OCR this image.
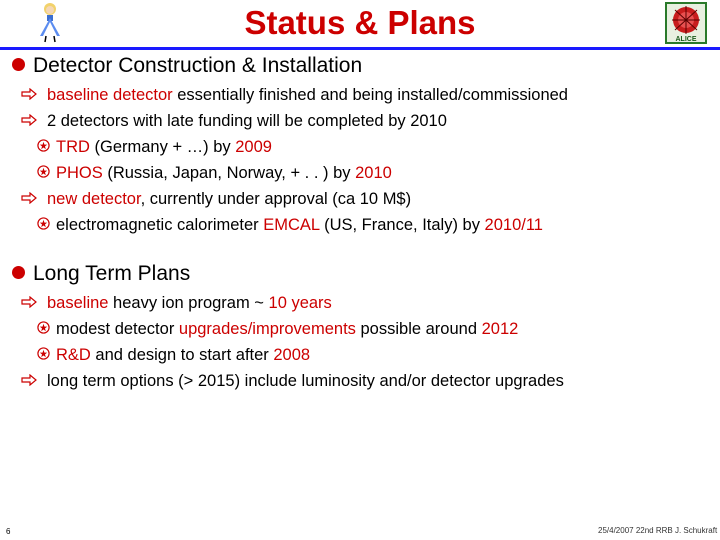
ALICE
Status & Plans
Detector Construction & Installation
baseline detector essentially finished and being installed/commissioned
2 detectors with late funding will be completed by 2010
TRD (Germany + …) by 2009
PHOS (Russia, Japan, Norway, + . . ) by 2010
new detector, currently under approval (ca 10 M$)
electromagnetic calorimeter EMCAL (US, France, Italy) by 2010/11
Long Term Plans
baseline heavy ion program ~ 10 years
modest detector upgrades/improvements possible around 2012
R&D and design to start after 2008
long term options (> 2015) include luminosity and/or detector upgrades
6	25/4/2007 22nd RRB J. Schukraft
